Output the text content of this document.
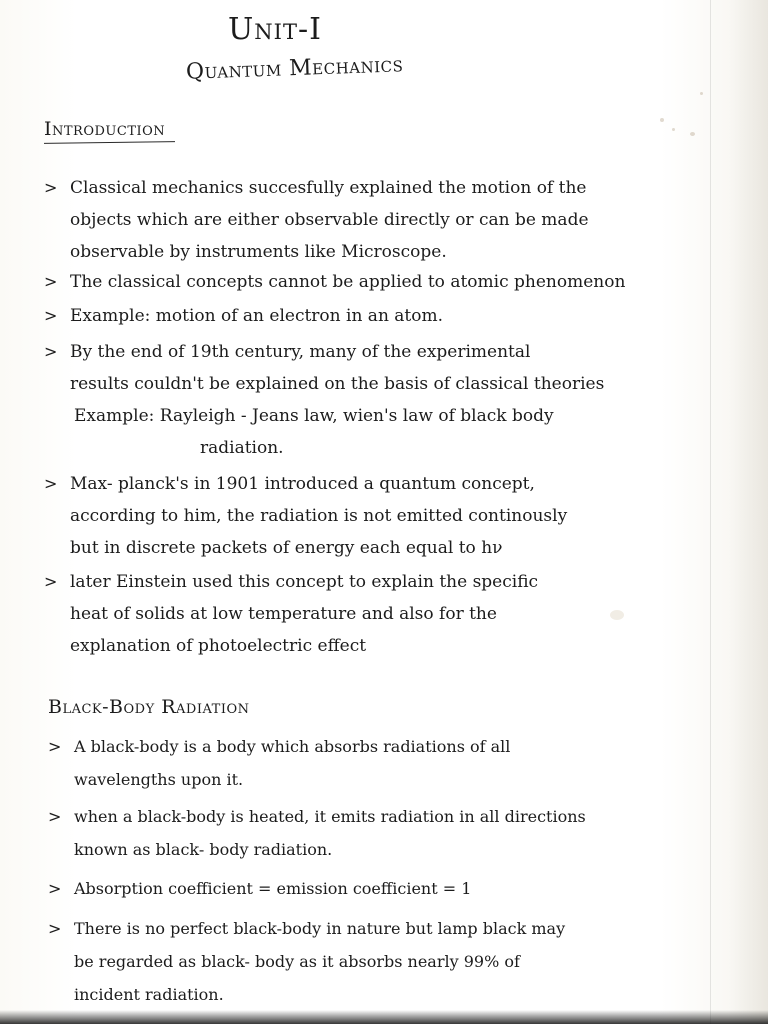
Unit-I
Quantum Mechanics
Introduction
> Classical mechanics succesfully explained the motion of the
objects which are either observable directly or can be made
observable by instruments like Microscope.
> The classical concepts cannot be applied to atomic phenomenon
> Example: motion of an electron in an atom.
> By the end of 19th century, many of the experimental
results couldn't be explained on the basis of classical theories
Example: Rayleigh - Jeans law, wien's law of black body
radiation.
> Max- planck's in 1901 introduced a quantum concept,
according to him, the radiation is not emitted continously
but in discrete packets of energy each equal to hν
> later Einstein used this concept to explain the specific
heat of solids at low temperature and also for the
explanation of photoelectric effect
Black-Body Radiation
> A black-body is a body which absorbs radiations of all
wavelengths upon it.
> when a black-body is heated, it emits radiation in all directions
known as black- body radiation.
> Absorption coefficient = emission coefficient = 1
> There is no perfect black-body in nature but lamp black may
be regarded as black- body as it absorbs nearly 99% of
incident radiation.
